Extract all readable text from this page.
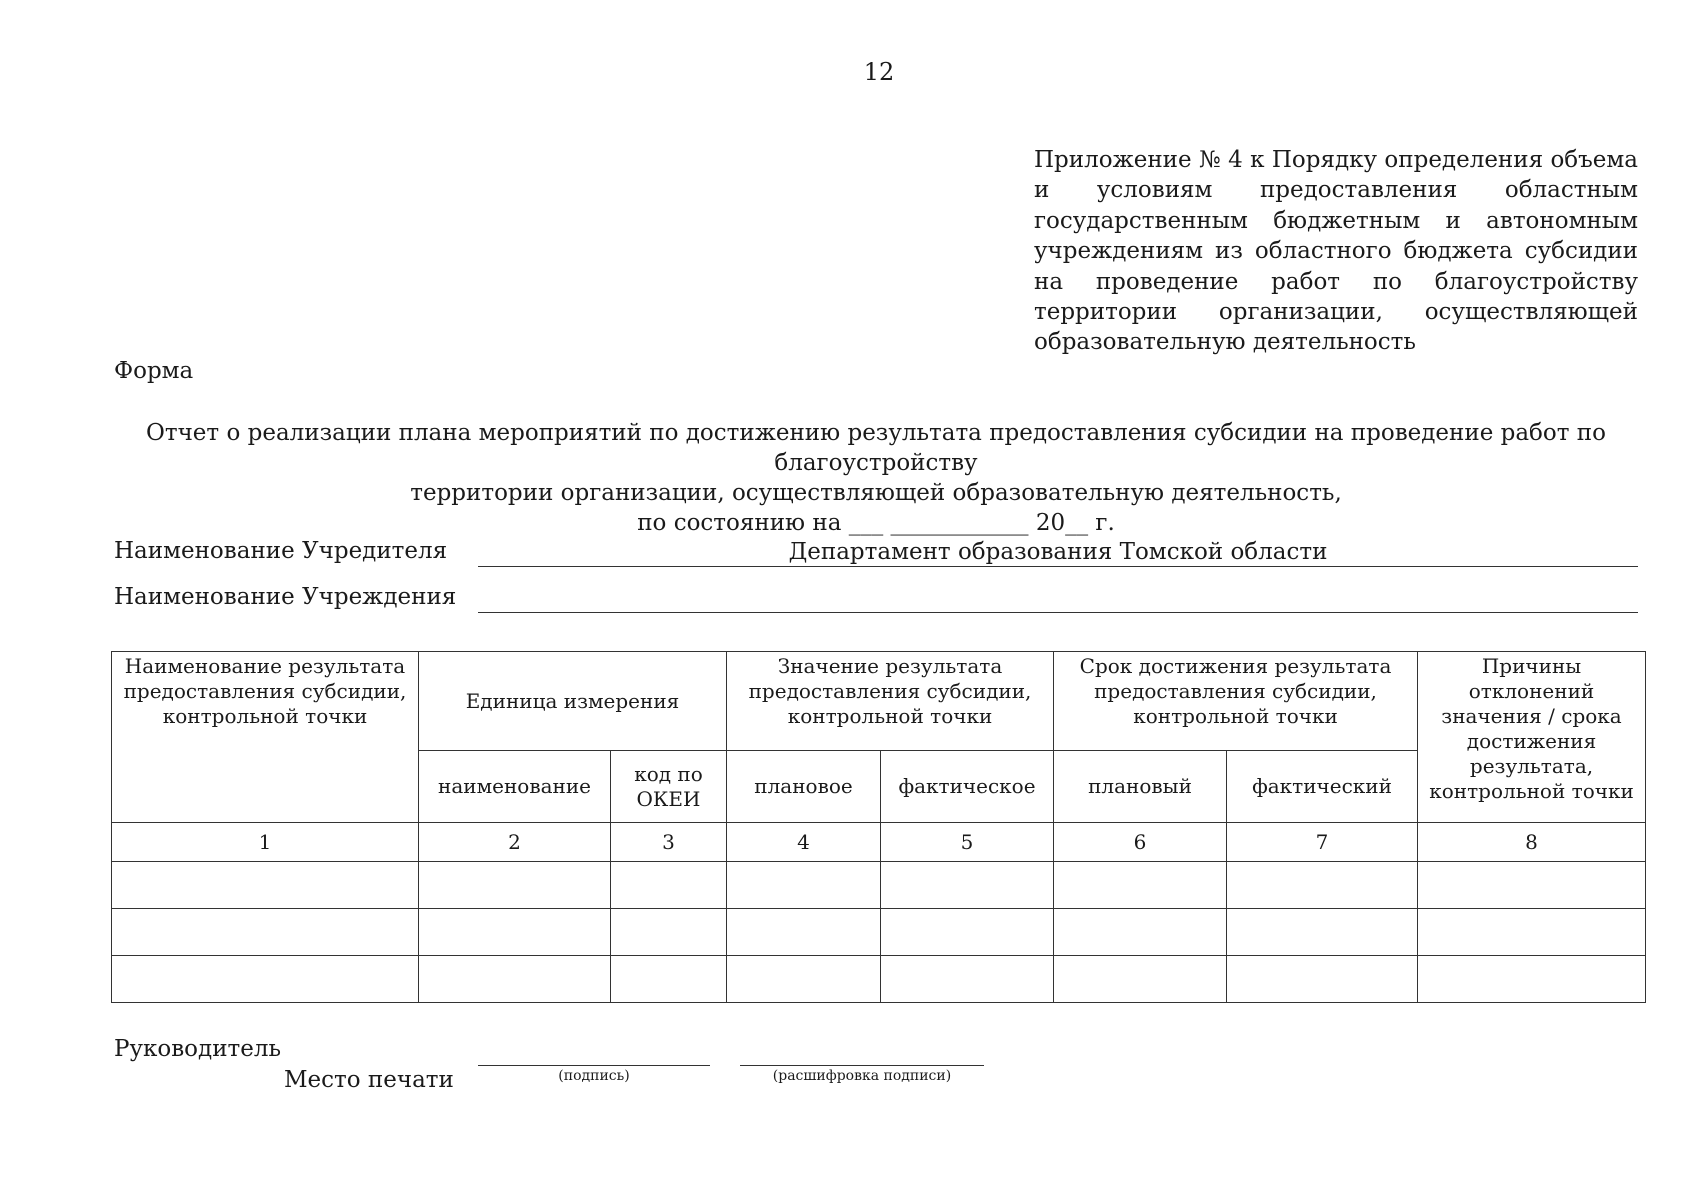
12
Приложение № 4 к Порядку определения объема и условиям предоставления областным государственным бюджетным и автономным учреждениям из областного бюджета субсидии на проведение работ по благоустройству территории организации, осуществляющей образовательную деятельность
Форма
Отчет о реализации плана мероприятий по достижению результата предоставления субсидии на проведение работ по благоустройству
территории организации, осуществляющей образовательную деятельность,
по состоянию на ___ ____________ 20__ г.
Наименование Учредителя	Департамент образования Томской области
Наименование Учреждения
Наименование результата предоставления субсидии, контрольной точки	Единица измерения		Значение результата предоставления субсидии, контрольной точки		Срок достижения результата предоставления субсидии, контрольной точки		Причины отклонений значения / срока достижения результата, контрольной точки
	наименование	код по ОКЕИ	плановое	фактическое	плановый	фактический	
1	2	3	4	5	6	7	8

Руководитель
Место печати	(подпись)	(расшифровка подписи)
